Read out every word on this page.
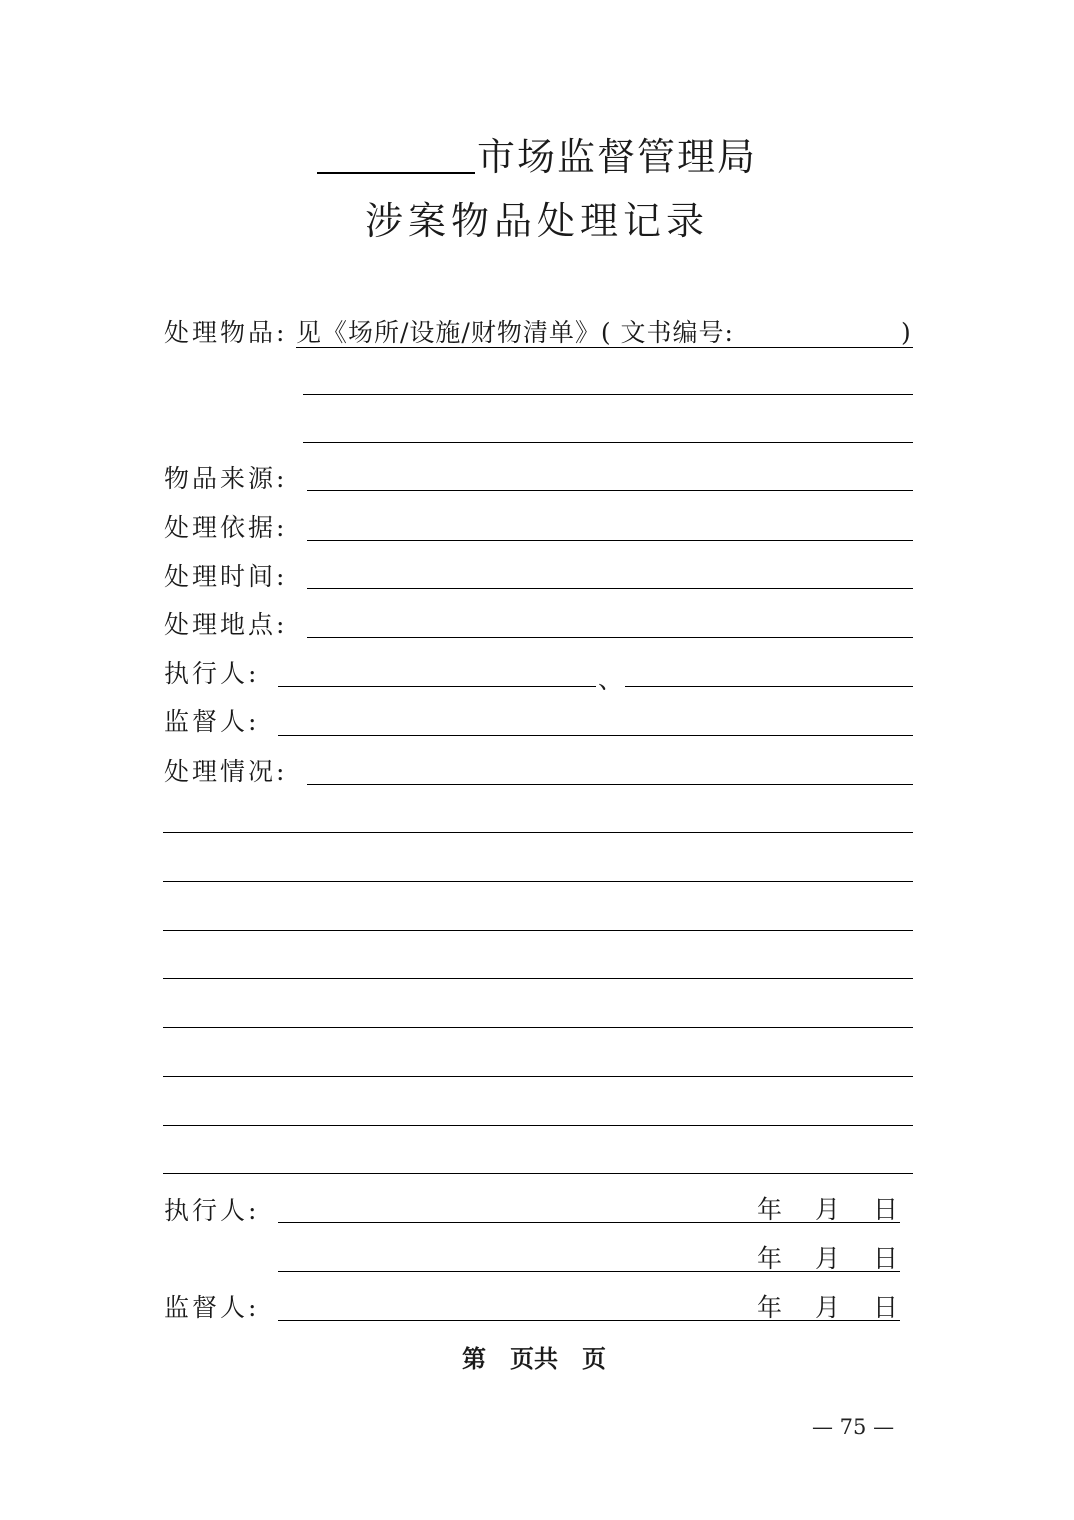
市场监督管理局
涉案物品处理记录
处理物品: 见《场所/设施/财物清单》( 文书编号:	)
物品来源:
处理依据:
处理时间:
处理地点:
执行人:	、
监督人:
处理情况:
执行人:	年 月 日
年 月 日
监督人:	年 月 日
第　页共　页
— 75 —
